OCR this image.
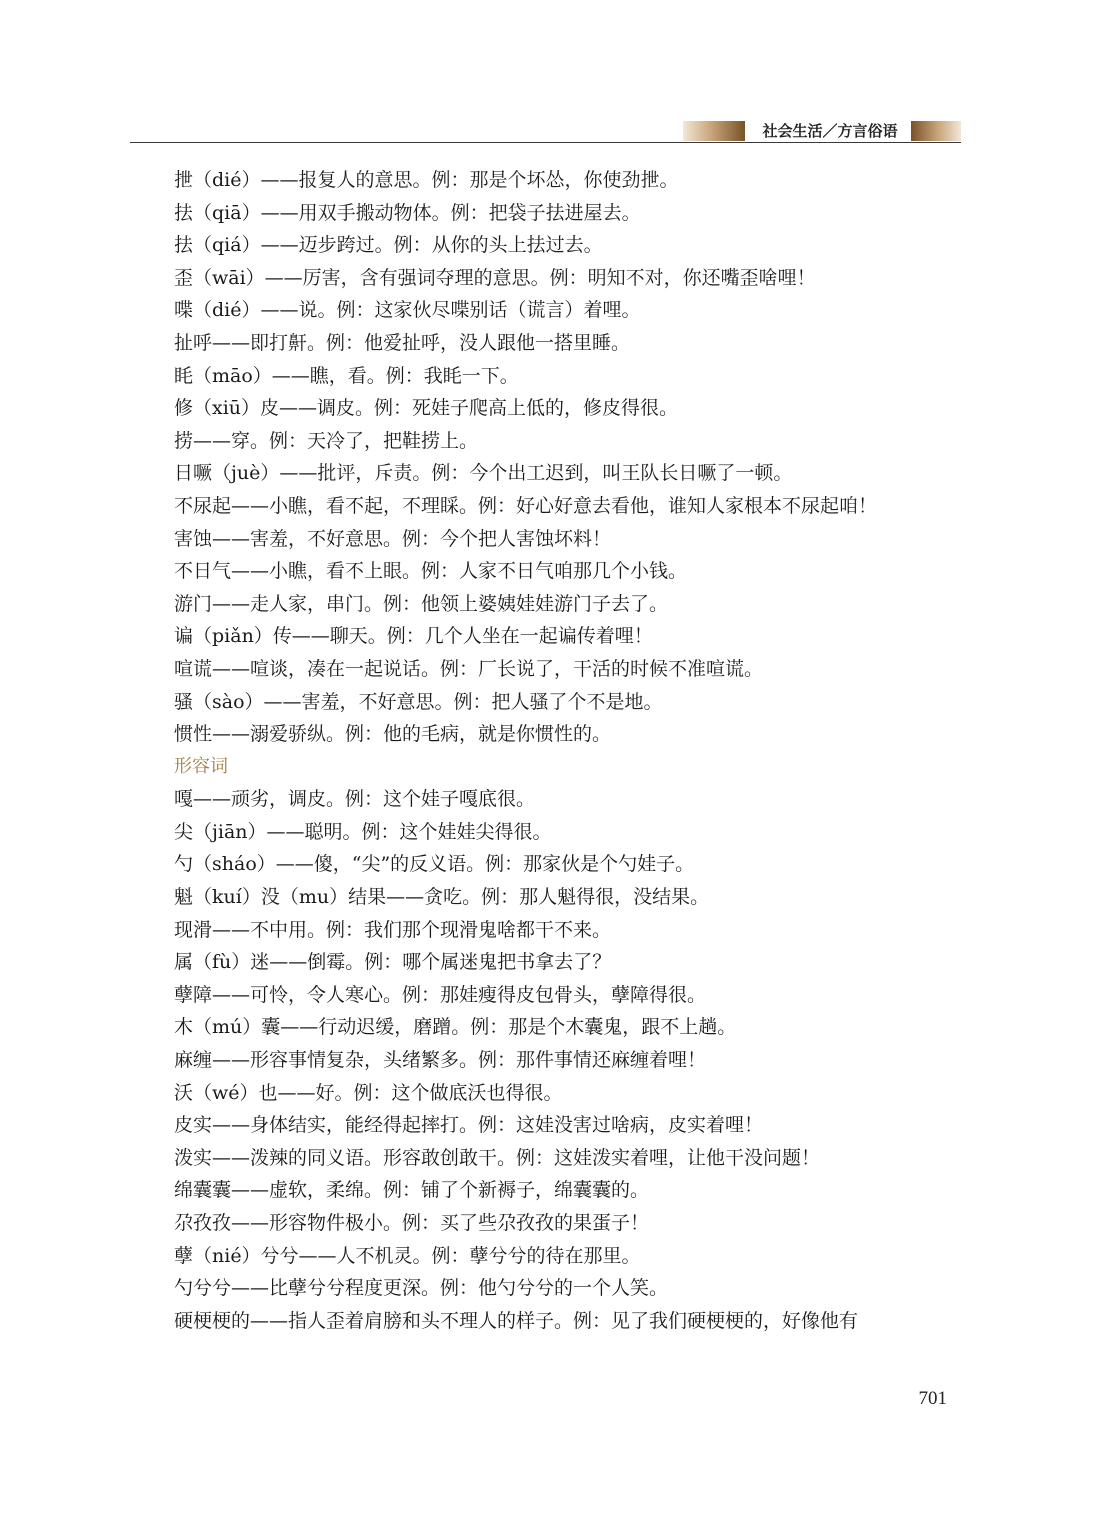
社会生活／方言俗语

抴（dié）——报复人的意思。例：那是个坏怂，你使劲抴。

抾（qiā）——用双手搬动物体。例：把袋子抾进屋去。

抾（qiá）——迈步跨过。例：从你的头上抾过去。

歪（wāi）——厉害，含有强词夺理的意思。例：明知不对，你还嘴歪啥哩！

喋（dié）——说。例：这家伙尽喋别话（谎言）着哩。

扯呼——即打鼾。例：他爱扯呼，没人跟他一搭里睡。

眊（māo）——瞧，看。例：我眊一下。

修（xiū）皮——调皮。例：死娃子爬高上低的，修皮得很。

捞——穿。例：天冷了，把鞋捞上。

日噘（juè）——批评，斥责。例：今个出工迟到，叫王队长日噘了一顿。

不尿起——小瞧，看不起，不理睬。例：好心好意去看他，谁知人家根本不尿起咱！

害蚀——害羞，不好意思。例：今个把人害蚀坏料！

不日气——小瞧，看不上眼。例：人家不日气咱那几个小钱。

游门——走人家，串门。例：他领上婆姨娃娃游门子去了。

谝（piǎn）传——聊天。例：几个人坐在一起谝传着哩！

喧谎——喧谈，凑在一起说话。例：厂长说了，干活的时候不准喧谎。

骚（sào）——害羞，不好意思。例：把人骚了个不是地。

惯性——溺爱骄纵。例：他的毛病，就是你惯性的。

形容词

嘎——顽劣，调皮。例：这个娃子嘎底很。

尖（jiān）——聪明。例：这个娃娃尖得很。

勺（sháo）——傻，“尖”的反义语。例：那家伙是个勺娃子。

魁（kuí）没（mu）结果——贪吃。例：那人魁得很，没结果。

现滑——不中用。例：我们那个现滑鬼啥都干不来。

属（fù）迷——倒霉。例：哪个属迷鬼把书拿去了？

孽障——可怜，令人寒心。例：那娃瘦得皮包骨头，孽障得很。

木（mú）囊——行动迟缓，磨蹭。例：那是个木囊鬼，跟不上趟。

麻缠——形容事情复杂，头绪繁多。例：那件事情还麻缠着哩！

沃（wé）也——好。例：这个做底沃也得很。

皮实——身体结实，能经得起摔打。例：这娃没害过啥病，皮实着哩！

泼实——泼辣的同义语。形容敢创敢干。例：这娃泼实着哩，让他干没问题！

绵囊囊——虚软，柔绵。例：铺了个新褥子，绵囊囊的。

尕孜孜——形容物件极小。例：买了些尕孜孜的果蛋子！

孽（nié）兮兮——人不机灵。例：孽兮兮的待在那里。

勺兮兮——比孽兮兮程度更深。例：他勺兮兮的一个人笑。

硬梗梗的——指人歪着肩膀和头不理人的样子。例：见了我们硬梗梗的，好像他有

701
